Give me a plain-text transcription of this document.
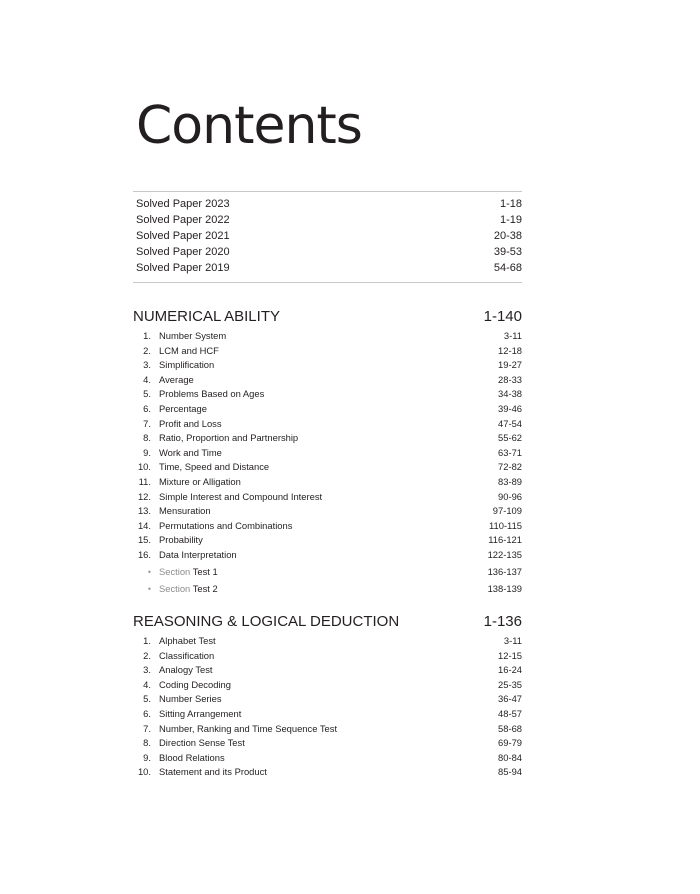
Contents
Solved Paper 2023	1-18
Solved Paper 2022	1-19
Solved Paper 2021	20-38
Solved Paper 2020	39-53
Solved Paper 2019	54-68
NUMERICAL ABILITY	1-140
1. Number System	3-11
2. LCM and HCF	12-18
3. Simplification	19-27
4. Average	28-33
5. Problems Based on Ages	34-38
6. Percentage	39-46
7. Profit and Loss	47-54
8. Ratio, Proportion and Partnership	55-62
9. Work and Time	63-71
10. Time, Speed and Distance	72-82
11. Mixture or Alligation	83-89
12. Simple Interest and Compound Interest	90-96
13. Mensuration	97-109
14. Permutations and Combinations	110-115
15. Probability	116-121
16. Data Interpretation	122-135
• Section Test 1	136-137
• Section Test 2	138-139
REASONING & LOGICAL DEDUCTION	1-136
1. Alphabet Test	3-11
2. Classification	12-15
3. Analogy Test	16-24
4. Coding Decoding	25-35
5. Number Series	36-47
6. Sitting Arrangement	48-57
7. Number, Ranking and Time Sequence Test	58-68
8. Direction Sense Test	69-79
9. Blood Relations	80-84
10. Statement and its Product	85-94
